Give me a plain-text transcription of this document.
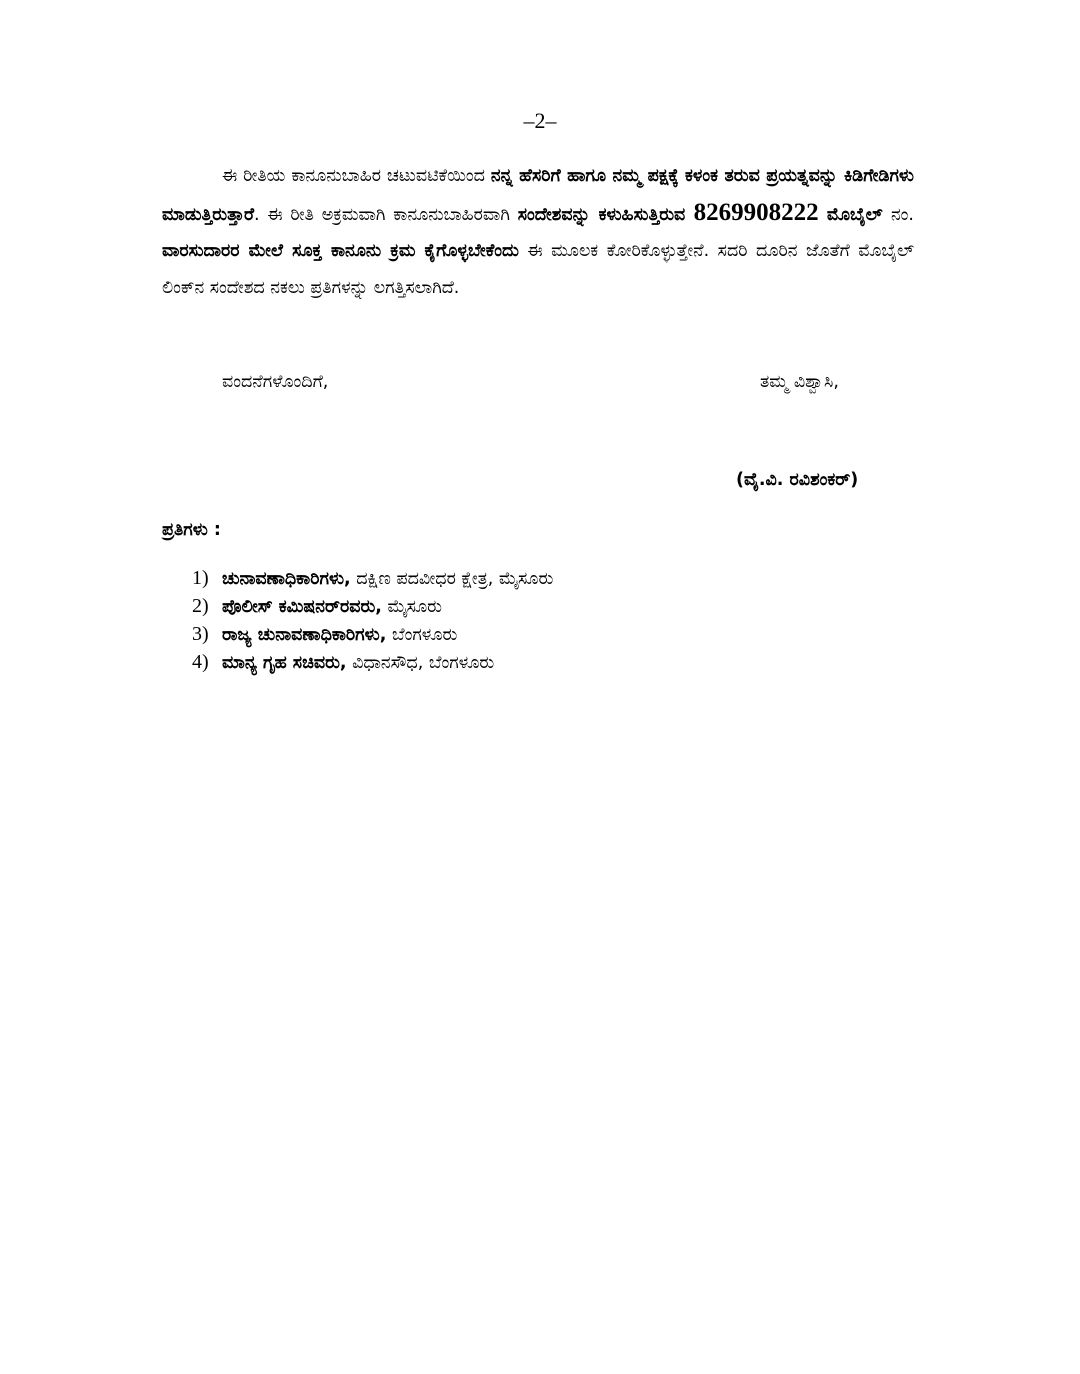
–2–

ಈ ರೀತಿಯ ಕಾನೂನುಬಾಹಿರ ಚಟುವಟಿಕೆಯಿಂದ ನನ್ನ ಹೆಸರಿಗೆ ಹಾಗೂ ನಮ್ಮ ಪಕ್ಷಕ್ಕೆ ಕಳಂಕ ತರುವ ಪ್ರಯತ್ನವನ್ನು ಕಿಡಿಗೇಡಿಗಳು ಮಾಡುತ್ತಿರುತ್ತಾರೆ. ಈ ರೀತಿ ಅಕ್ರಮವಾಗಿ ಕಾನೂನುಬಾಹಿರವಾಗಿ ಸಂದೇಶವನ್ನು ಕಳುಹಿಸುತ್ತಿರುವ 8269908222 ಮೊಬೈಲ್ ನಂ. ವಾರಸುದಾರರ ಮೇಲೆ ಸೂಕ್ತ ಕಾನೂನು ಕ್ರಮ ಕೈಗೊಳ್ಳಬೇಕೆಂದು ಈ ಮೂಲಕ ಕೋರಿಕೊಳ್ಳುತ್ತೇನೆ. ಸದರಿ ದೂರಿನ ಜೊತೆಗೆ ಮೊಬೈಲ್ ಲಿಂಕ್‌ನ ಸಂದೇಶದ ನಕಲು ಪ್ರತಿಗಳನ್ನು ಲಗತ್ತಿಸಲಾಗಿದೆ.

ವಂದನೆಗಳೊಂದಿಗೆ,	ತಮ್ಮ ವಿಶ್ವಾಸಿ,
(ವೈ.ವಿ. ರವಿಶಂಕರ್)
ಪ್ರತಿಗಳು :
1) ಚುನಾವಣಾಧಿಕಾರಿಗಳು, ದಕ್ಷಿಣ ಪದವೀಧರ ಕ್ಷೇತ್ರ, ಮೈಸೂರು
2) ಪೊಲೀಸ್ ಕಮಿಷನರ್‌ರವರು, ಮೈಸೂರು
3) ರಾಜ್ಯ ಚುನಾವಣಾಧಿಕಾರಿಗಳು, ಬೆಂಗಳೂರು
4) ಮಾನ್ಯ ಗೃಹ ಸಚಿವರು, ವಿಧಾನಸೌಧ, ಬೆಂಗಳೂರು
